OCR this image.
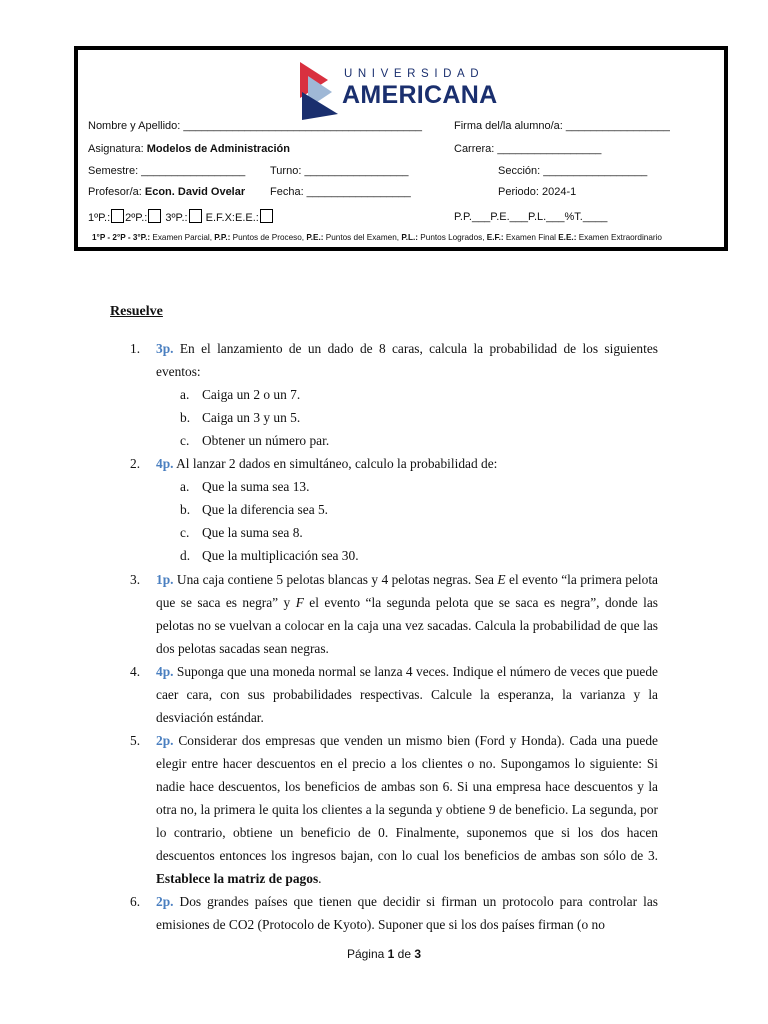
UNIVERSIDAD
AMERICANA
Nombre y Apellido: _______________________________________	Firma del/la alumno/a: _________________
Asignatura: Modelos de Administración	Carrera: _________________
Semestre: _________________ Turno: _________________	Sección: _________________
Profesor/a: Econ. David Ovelar Fecha: _________________	Periodo: 2024-1
1ºP.: 2ºP.: 3ºP.: E.F.X:E.E.:	P.P.___P.E.___P.L.___%T.____
1°P - 2°P - 3°P.: Examen Parcial, P.P.: Puntos de Proceso, P.E.: Puntos del Examen, P.L.: Puntos Logrados, E.F.: Examen Final E.E.: Examen Extraordinario
Resuelve
1. 3p. En el lanzamiento de un dado de 8 caras, calcula la probabilidad de los siguientes eventos:
a. Caiga un 2 o un 7.
b. Caiga un 3 y un 5.
c. Obtener un número par.
2. 4p. Al lanzar 2 dados en simultáneo, calculo la probabilidad de:
a. Que la suma sea 13.
b. Que la diferencia sea 5.
c. Que la suma sea 8.
d. Que la multiplicación sea 30.
3. 1p. Una caja contiene 5 pelotas blancas y 4 pelotas negras. Sea E el evento “la primera pelota que se saca es negra” y F el evento “la segunda pelota que se saca es negra”, donde las pelotas no se vuelvan a colocar en la caja una vez sacadas. Calcula la probabilidad de que las dos pelotas sacadas sean negras.
4. 4p. Suponga que una moneda normal se lanza 4 veces. Indique el número de veces que puede caer cara, con sus probabilidades respectivas. Calcule la esperanza, la varianza y la desviación estándar.
5. 2p. Considerar dos empresas que venden un mismo bien (Ford y Honda). Cada una puede elegir entre hacer descuentos en el precio a los clientes o no. Supongamos lo siguiente: Si nadie hace descuentos, los beneficios de ambas son 6. Si una empresa hace descuentos y la otra no, la primera le quita los clientes a la segunda y obtiene 9 de beneficio. La segunda, por lo contrario, obtiene un beneficio de 0. Finalmente, suponemos que si los dos hacen descuentos entonces los ingresos bajan, con lo cual los beneficios de ambas son sólo de 3. Establece la matriz de pagos.
6. 2p. Dos grandes países que tienen que decidir si firman un protocolo para controlar las emisiones de CO2 (Protocolo de Kyoto). Suponer que si los dos países firman (o no
Página 1 de 3
